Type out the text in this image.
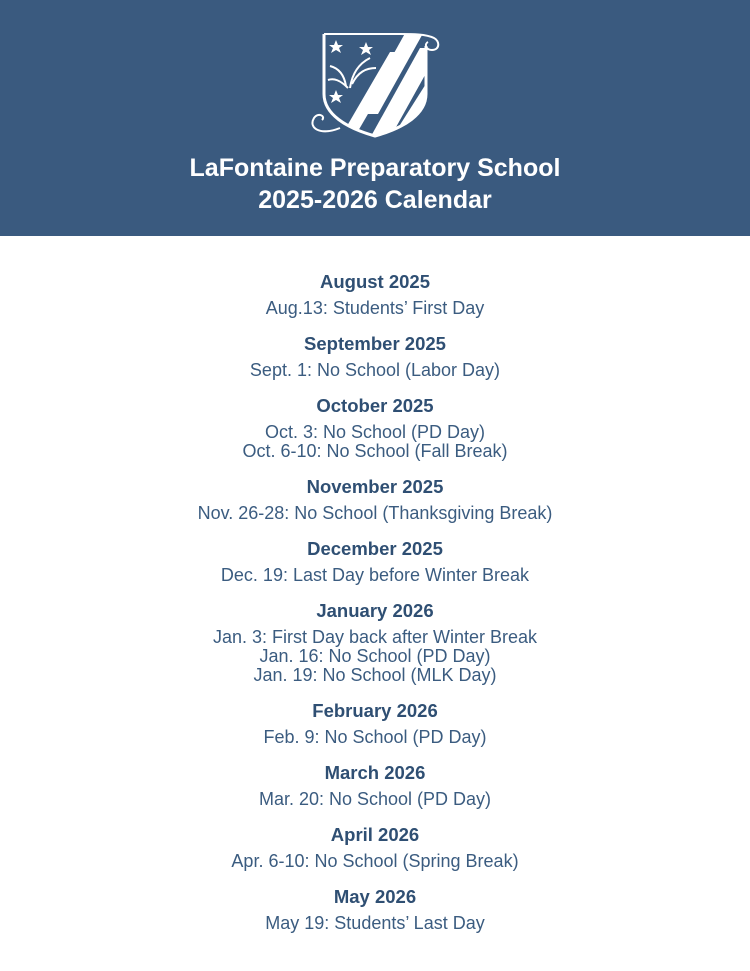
LaFontaine Preparatory School
2025-2026 Calendar
August 2025
Aug.13: Students’ First Day
September 2025
Sept. 1: No School (Labor Day)
October 2025
Oct. 3: No School (PD Day)
Oct. 6-10: No School (Fall Break)
November 2025
Nov. 26-28: No School (Thanksgiving Break)
December 2025
Dec. 19: Last Day before Winter Break
January 2026
Jan. 3: First Day back after Winter Break
Jan. 16: No School (PD Day)
Jan. 19: No School (MLK Day)
February 2026
Feb. 9: No School (PD Day)
March 2026
Mar. 20: No School (PD Day)
April 2026
Apr. 6-10: No School (Spring Break)
May 2026
May 19: Students’ Last Day
